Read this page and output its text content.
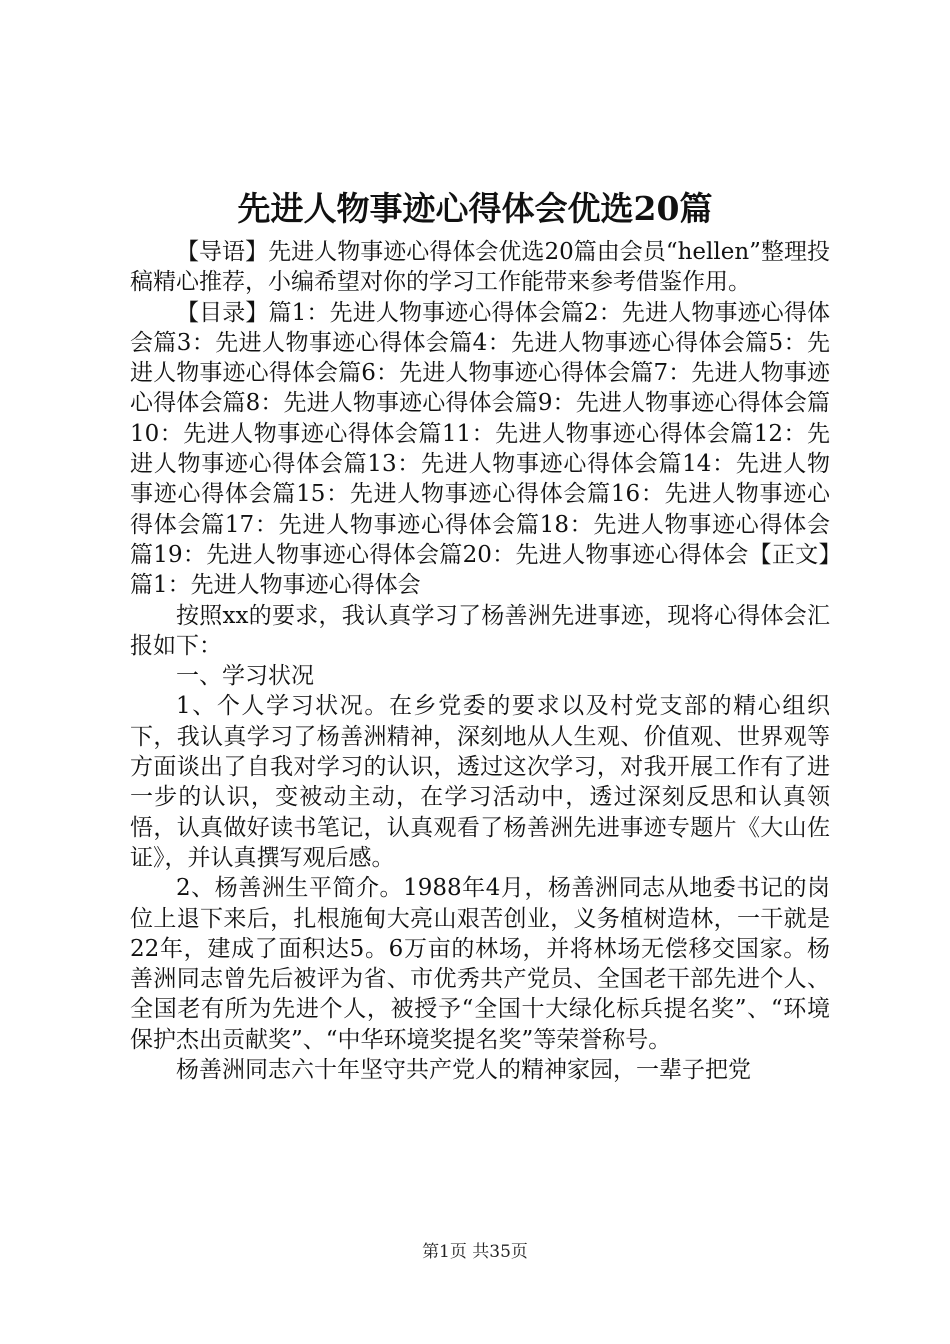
先进人物事迹心得体会优选20篇

【导语】先进人物事迹心得体会优选20篇由会员“hellen”整理投稿精心推荐，小编希望对你的学习工作能带来参考借鉴作用。

【目录】篇1：先进人物事迹心得体会篇2：先进人物事迹心得体会篇3：先进人物事迹心得体会篇4：先进人物事迹心得体会篇5：先进人物事迹心得体会篇6：先进人物事迹心得体会篇7：先进人物事迹心得体会篇8：先进人物事迹心得体会篇9：先进人物事迹心得体会篇10：先进人物事迹心得体会篇11：先进人物事迹心得体会篇12：先进人物事迹心得体会篇13：先进人物事迹心得体会篇14：先进人物事迹心得体会篇15：先进人物事迹心得体会篇16：先进人物事迹心得体会篇17：先进人物事迹心得体会篇18：先进人物事迹心得体会篇19：先进人物事迹心得体会篇20：先进人物事迹心得体会【正文】篇1：先进人物事迹心得体会

按照xx的要求，我认真学习了杨善洲先进事迹，现将心得体会汇报如下：

一、学习状况

1、个人学习状况。在乡党委的要求以及村党支部的精心组织下，我认真学习了杨善洲精神，深刻地从人生观、价值观、世界观等方面谈出了自我对学习的认识，透过这次学习，对我开展工作有了进一步的认识，变被动主动，在学习活动中，透过深刻反思和认真领悟，认真做好读书笔记，认真观看了杨善洲先进事迹专题片《大山佐证》，并认真撰写观后感。

2、杨善洲生平简介。1988年4月，杨善洲同志从地委书记的岗位上退下来后，扎根施甸大亮山艰苦创业，义务植树造林，一干就是22年，建成了面积达5。6万亩的林场，并将林场无偿移交国家。杨善洲同志曾先后被评为省、市优秀共产党员、全国老干部先进个人、全国老有所为先进个人，被授予“全国十大绿化标兵提名奖”、“环境保护杰出贡献奖”、“中华环境奖提名奖”等荣誉称号。

杨善洲同志六十年坚守共产党人的精神家园，一辈子把党

第1页 共35页
